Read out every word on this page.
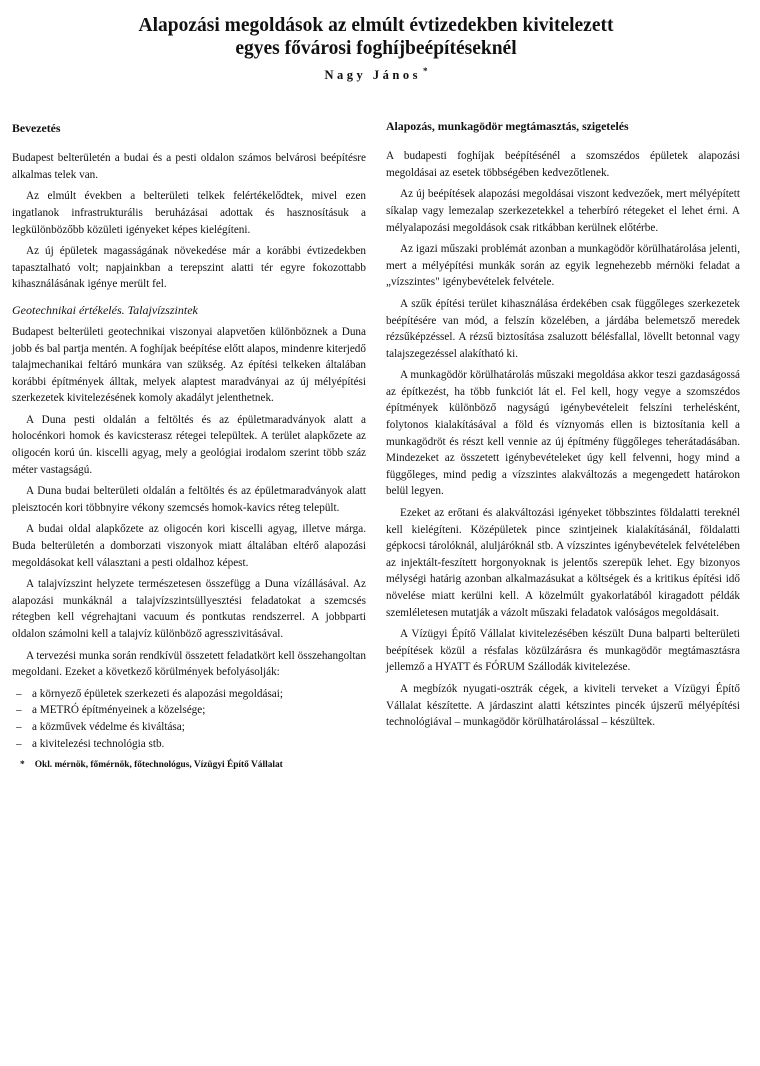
Alapozási megoldások az elmúlt évtizedekben kivitelezett
egyes fővárosi foghíjbeépítéseknél
Nagy János *
Bevezetés

Budapest belterületén a budai és a pesti oldalon számos belvárosi beépítésre alkalmas telek van.

Az elmúlt években a belterületi telkek felértékelődtek, mivel ezen ingatlanok infrastrukturális beruházásai adottak és hasznosításuk a legkülönbözőbb közületi igényeket képes kielégíteni.

Az új épületek magasságának növekedése már a korábbi évtizedekben tapasztalható volt; napjainkban a terepszint alatti tér egyre fokozottabb kihasználásának igénye merült fel.

Geotechnikai értékelés. Talajvízszintek

Budapest belterületi geotechnikai viszonyai alapvetően különböznek a Duna jobb és bal partja mentén. A foghíjak beépítése előtt alapos, mindenre kiterjedő talajmechanikai feltáró munkára van szükség. Az építési telkeken általában korábbi építmények álltak, melyek alaptest maradványai az új mélyépítési szerkezetek kivitelezésének komoly akadályt jelenthetnek.

A Duna pesti oldalán a feltöltés és az épületmaradványok alatt a holocénkori homok és kavicsterasz rétegei települtek. A terület alapkőzete az oligocén korú ún. kiscelli agyag, mely a geológiai irodalom szerint több száz méter vastagságú.

A Duna budai belterületi oldalán a feltöltés és az épületmaradványok alatt pleisztocén kori többnyire vékony szemcsés homok-kavics réteg települt.

A budai oldal alapkőzete az oligocén kori kiscelli agyag, illetve márga. Buda belterületén a domborzati viszonyok miatt általában eltérő alapozási megoldásokat kell választani a pesti oldalhoz képest.

A talajvízszint helyzete természetesen összefügg a Duna vízállásával. Az alapozási munkáknál a talajvízszintsüllyesztési feladatokat a szemcsés rétegben kell végrehajtani vacuum és pontkutas rendszerrel. A jobbparti oldalon számolni kell a talajvíz különböző agresszivitásával.

A tervezési munka során rendkívül összetett feladatkört kell összehangoltan megoldani. Ezeket a következő körülmények befolyásolják:

– a környező épületek szerkezeti és alapozási megoldásai;
– a METRÓ építményeinek a közelsége;
– a közművek védelme és kiváltása;
– a kivitelezési technológia stb.
* Okl. mérnök, főmérnök, főtechnológus, Vízügyi Építő Vállalat
Alapozás, munkagödör megtámasztás, szigetelés

A budapesti foghíjak beépítésénél a szomszédos épületek alapozási megoldásai az esetek többségében kedvezőtlenek.

Az új beépítések alapozási megoldásai viszont kedvezőek, mert mélyépített síkalap vagy lemezalap szerkezetekkel a teherbíró rétegeket el lehet érni. A mélyalapozási megoldások csak ritkábban kerülnek előtérbe.

Az igazi műszaki problémát azonban a munkagödör körülhatárolása jelenti, mert a mélyépítési munkák során az egyik legnehezebb mérnöki feladat a „vízszintes" igénybevételek felvétele.

A szűk építési terület kihasználása érdekében csak függőleges szerkezetek beépítésére van mód, a felszín közelében, a járdába belemetsző meredek rézsűképzéssel. A rézsű biztosítása zsaluzott bélésfallal, lövellt betonnal vagy talajszegezéssel alakítható ki.

A munkagödör körülhatárolás műszaki megoldása akkor teszi gazdaságossá az építkezést, ha több funkciót lát el. Fel kell, hogy vegye a szomszédos építmények különböző nagyságú igénybevételeit felszíni terhelésként, folytonos kialakításával a föld és víznyomás ellen is biztosítania kell a munkagödröt és részt kell vennie az új építmény függőleges teherátadásában. Mindezeket az összetett igénybevételeket úgy kell felvenni, hogy mind a függőleges, mind pedig a vízszintes alakváltozás a megengedett határokon belül legyen.

Ezeket az erőtani és alakváltozási igényeket többszintes földalatti tereknél kell kielégíteni. Középületek pince szintjeinek kialakításánál, földalatti gépkocsi tárolóknál, aluljáróknál stb. A vízszintes igénybevételek felvételében az injektált-feszített horgonyoknak is jelentős szerepük lehet. Egy bizonyos mélységi határig azonban alkalmazásukat a költségek és a kritikus építési idő növelése miatt kerülni kell. A közelmúlt gyakorlatából kiragadott példák szemléletesen mutatják a vázolt műszaki feladatok valóságos megoldásait.

A Vízügyi Építő Vállalat kivitelezésében készült Duna balparti belterületi beépítések közül a résfalas közülzárásra és munkagödör megtámasztásra jellemző a HYATT és FÓRUM Szállodák kivitelezése.

A megbízók nyugati-osztrák cégek, a kiviteli terveket a Vízügyi Építő Vállalat készítette. A járdaszint alatti kétszintes pincék újszerű mélyépítési technológiával – munkagödör körülhatárolással – készültek.
